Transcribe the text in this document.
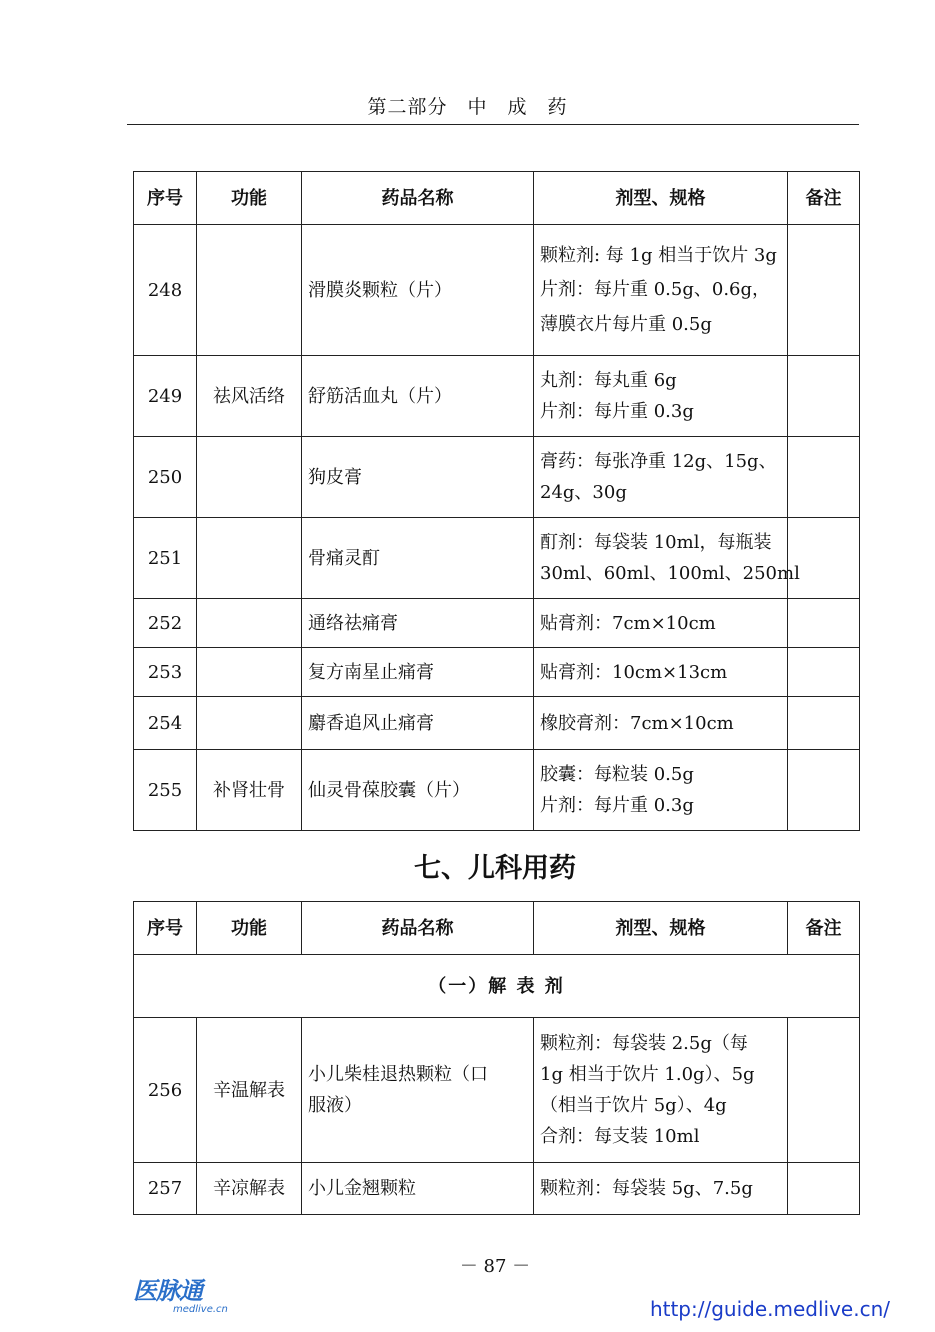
第二部分　中　成　药
序号	功能	药品名称	剂型、规格	备注
248		滑膜炎颗粒（片）	颗粒剂: 每 1g 相当于饮片 3g
片剂：每片重 0.5g、0.6g，
薄膜衣片每片重 0.5g	

249	祛风活络	舒筋活血丸（片）	丸剂：每丸重 6g
片剂：每片重 0.3g	

250		狗皮膏	膏药：每张净重 12g、15g、
24g、30g	

251		骨痛灵酊	酊剂：每袋装 10ml，每瓶装
30ml、60ml、100ml、250ml	

252		通络祛痛膏	贴膏剂：7cm×10cm	

253		复方南星止痛膏	贴膏剂：10cm×13cm	

254		麝香追风止痛膏	橡胶膏剂：7cm×10cm	

255	补肾壮骨	仙灵骨葆胶囊（片）	胶囊：每粒装 0.5g
片剂：每片重 0.3g	

七、儿科用药
序号	功能	药品名称	剂型、规格	备注
（一）解 表 剂				
256	辛温解表	小儿柴桂退热颗粒（口
服液）	颗粒剂：每袋装 2.5g（每
1g 相当于饮片 1.0g）、5g
（相当于饮片 5g）、4g
合剂：每支装 10ml	

257	辛凉解表	小儿金翘颗粒	颗粒剂：每袋装 5g、7.5g	

－ 87 －
医脉通
medlive.cn	http://guide.medlive.cn/
